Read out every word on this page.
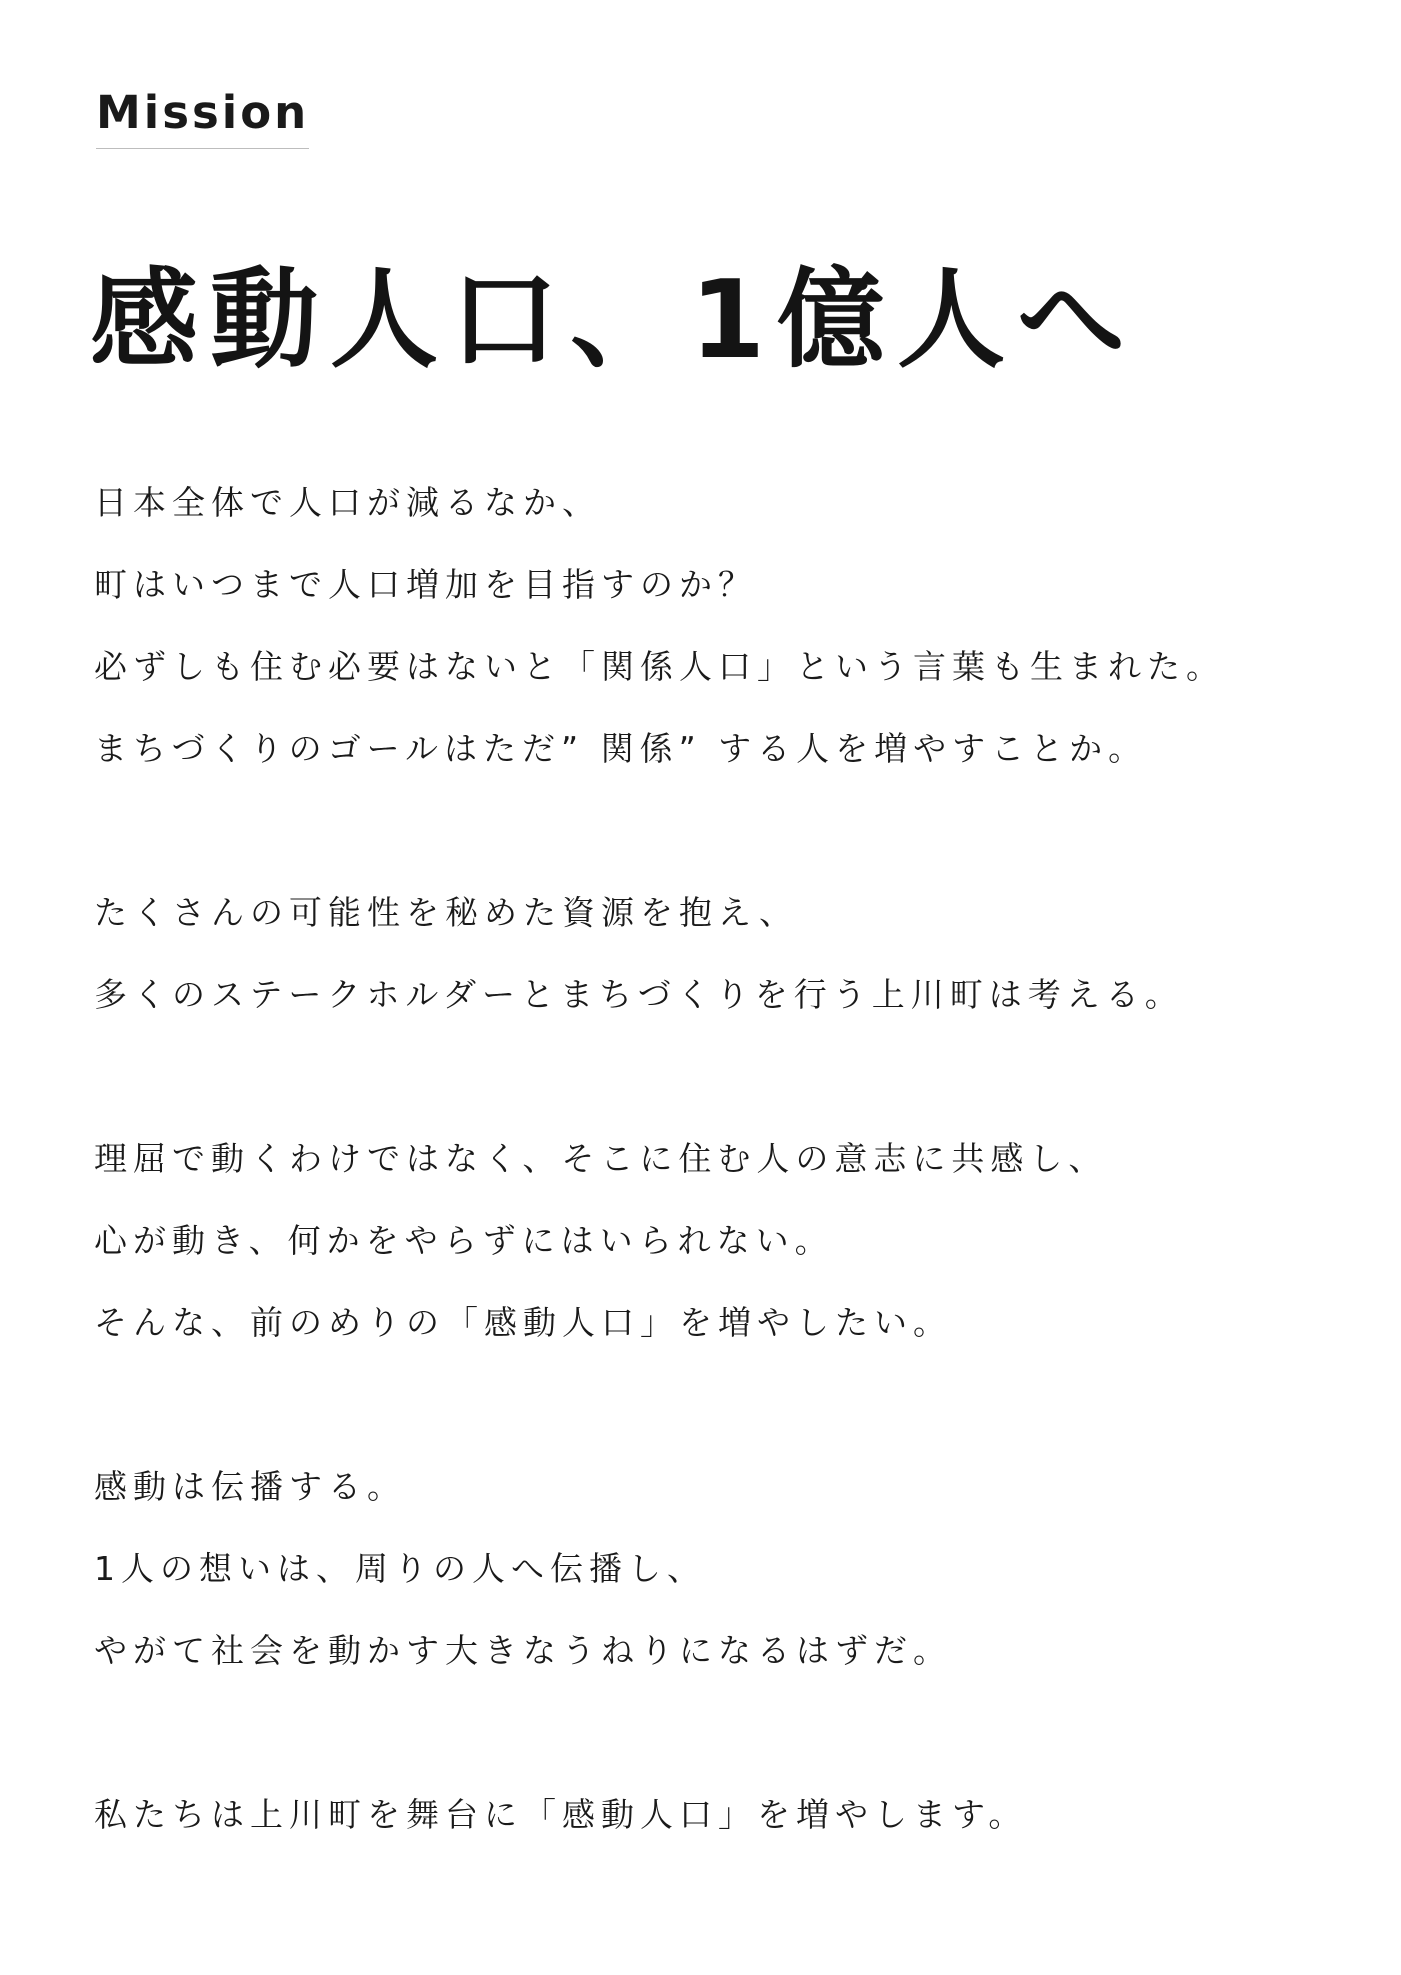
Mission
感動人口、1億人へ
日本全体で人口が減るなか、
町はいつまで人口増加を目指すのか？
必ずしも住む必要はないと「関係人口」という言葉も生まれた。
まちづくりのゴールはただ” 関係” する人を増やすことか。
たくさんの可能性を秘めた資源を抱え、
多くのステークホルダーとまちづくりを行う上川町は考える。
理屈で動くわけではなく、そこに住む人の意志に共感し、
心が動き、何かをやらずにはいられない。
そんな、前のめりの「感動人口」を増やしたい。
感動は伝播する。
1人の想いは、周りの人へ伝播し、
やがて社会を動かす大きなうねりになるはずだ。
私たちは上川町を舞台に「感動人口」を増やします。
